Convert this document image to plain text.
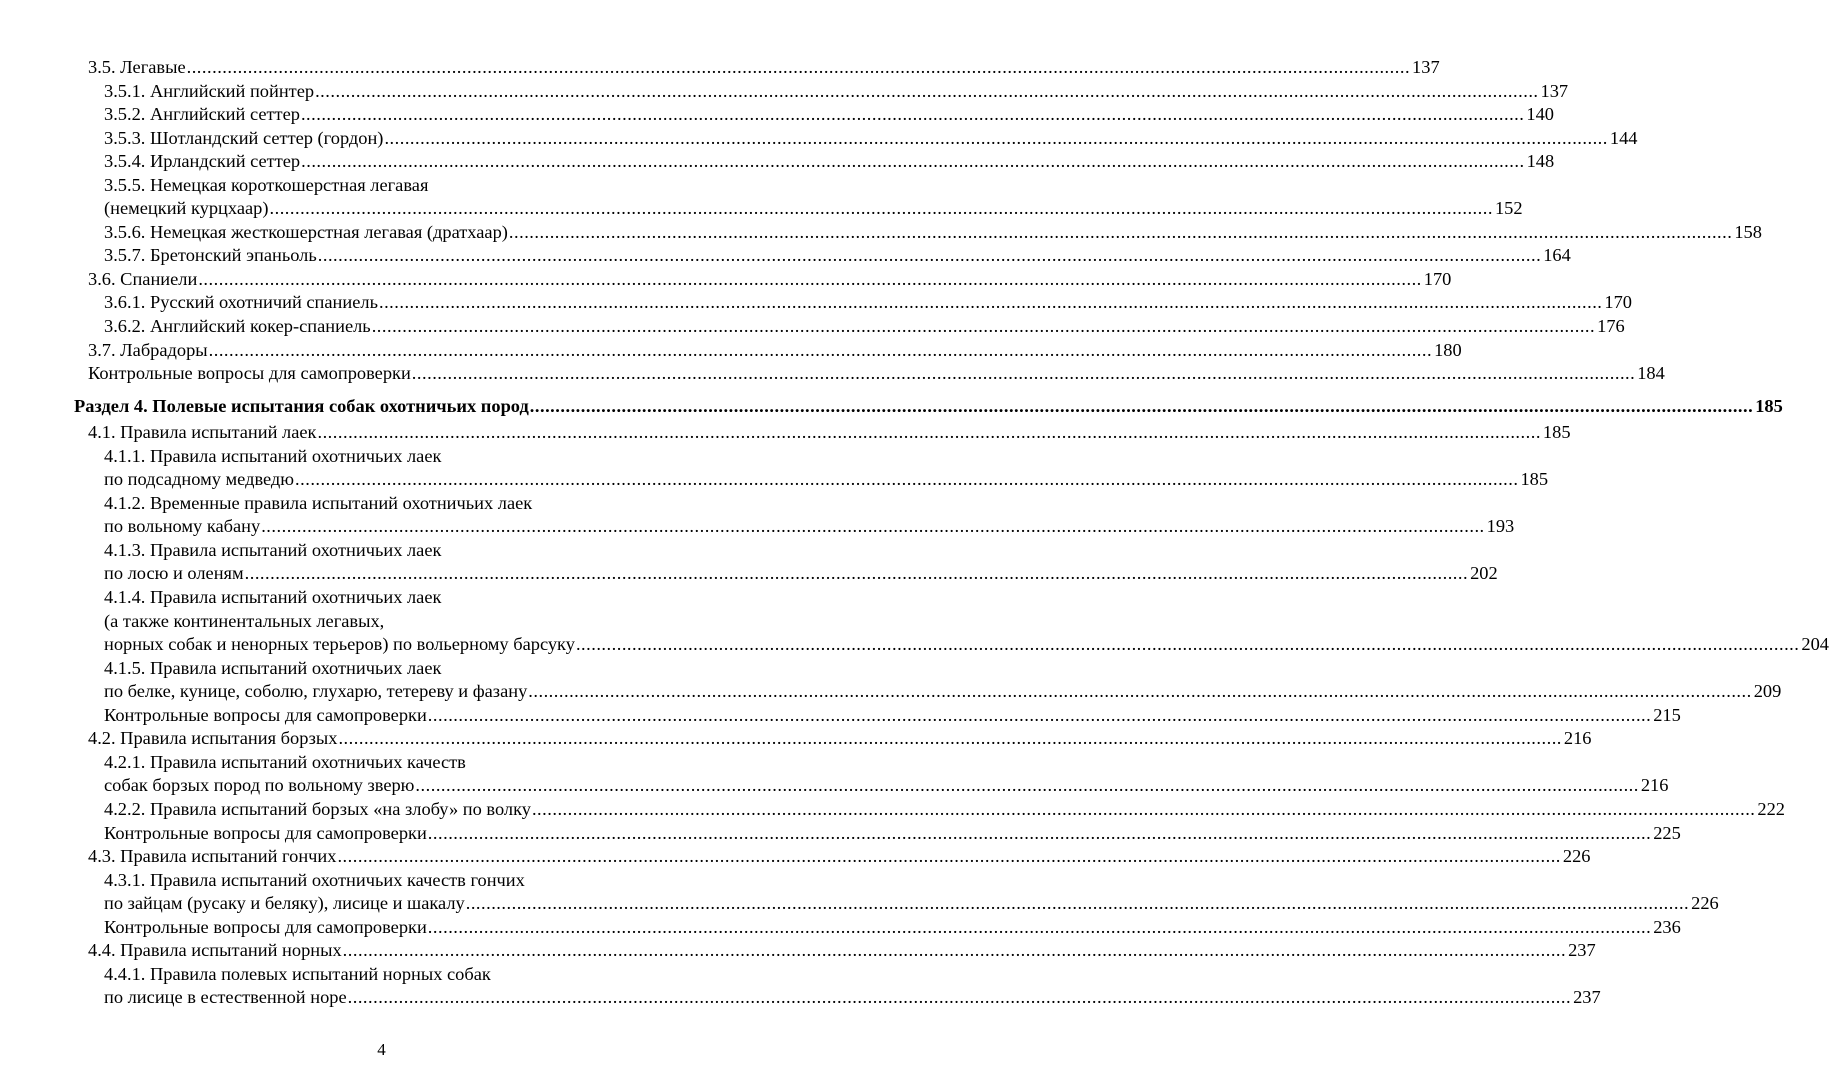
3.5. Легавые .....	137
3.5.1. Английский пойнтер .....	137
3.5.2. Английский сеттер .....	140
3.5.3. Шотландский сеттер (гордон) .....	144
3.5.4. Ирландский сеттер .....	148
3.5.5. Немецкая короткошерстная легавая
(немецкий курцхаар) .....	152
3.5.6. Немецкая жесткошерстная легавая (дратхаар) .....	158
3.5.7. Бретонский эпаньоль .....	164
3.6. Спаниели .....	170
3.6.1. Русский охотничий спаниель .....	170
3.6.2. Английский кокер-спаниель .....	176
3.7. Лабрадоры .....	180
Контрольные вопросы для самопроверки .....	184
Раздел 4. Полевые испытания собак охотничьих пород .....	185
4.1. Правила испытаний лаек .....	185
4.1.1. Правила испытаний охотничьих лаек
по подсадному медведю .....	185
4.1.2. Временные правила испытаний охотничьих лаек
по вольному кабану .....	193
4.1.3. Правила испытаний охотничьих лаек
по лосю и оленям .....	202
4.1.4. Правила испытаний охотничьих лаек
(а также континентальных легавых,
норных собак и ненорных терьеров) по вольерному барсуку .....	204
4.1.5. Правила испытаний охотничьих лаек
по белке, кунице, соболю, глухарю, тетереву и фазану .....	209
Контрольные вопросы для самопроверки .....	215
4.2. Правила испытания борзых .....	216
4.2.1. Правила испытаний охотничьих качеств
собак борзых пород по вольному зверю .....	216
4.2.2. Правила испытаний борзых «на злобу» по волку .....	222
Контрольные вопросы для самопроверки .....	225
4.3. Правила испытаний гончих .....	226
4.3.1. Правила испытаний охотничьих качеств гончих
по зайцам (русаку и беляку), лисице и шакалу .....	226
Контрольные вопросы для самопроверки .....	236
4.4. Правила испытаний норных .....	237
4.4.1. Правила полевых испытаний норных собак
по лисице в естественной норе .....	237
4
